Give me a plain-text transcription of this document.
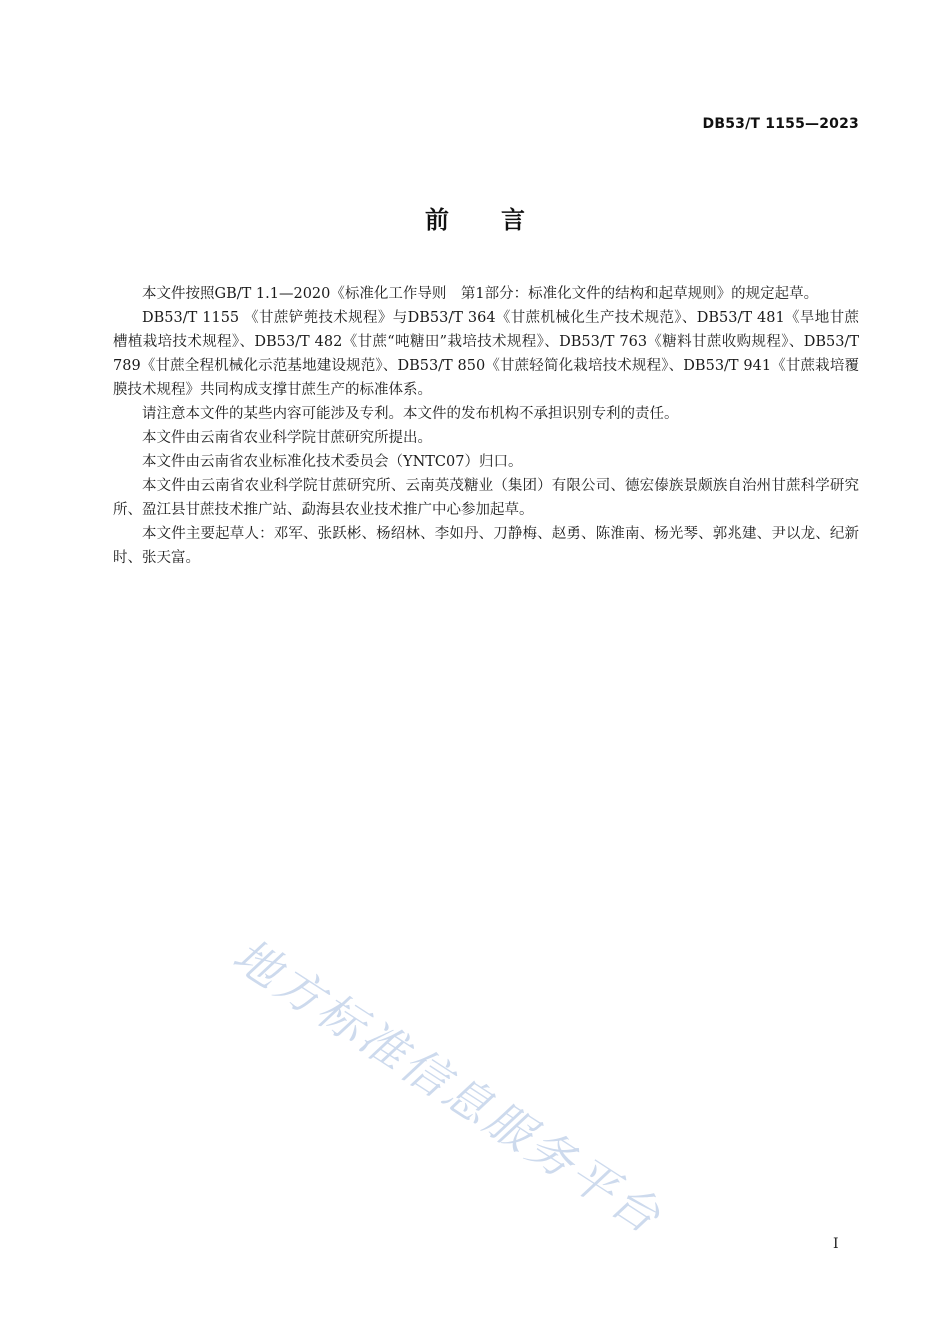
DB53/T 1155—2023
前言

本文件按照GB/T 1.1—2020《标准化工作导则　第1部分：标准化文件的结构和起草规则》的规定起草。

DB53/T 1155 《甘蔗铲蔸技术规程》与DB53/T 364《甘蔗机械化生产技术规范》、DB53/T 481《旱地甘蔗槽植栽培技术规程》、DB53/T 482《甘蔗“吨糖田”栽培技术规程》、DB53/T 763《糖料甘蔗收购规程》、DB53/T 789《甘蔗全程机械化示范基地建设规范》、DB53/T 850《甘蔗轻简化栽培技术规程》、DB53/T 941《甘蔗栽培覆膜技术规程》共同构成支撑甘蔗生产的标准体系。

请注意本文件的某些内容可能涉及专利。本文件的发布机构不承担识别专利的责任。

本文件由云南省农业科学院甘蔗研究所提出。

本文件由云南省农业标准化技术委员会（YNTC07）归口。

本文件由云南省农业科学院甘蔗研究所、云南英茂糖业（集团）有限公司、德宏傣族景颇族自治州甘蔗科学研究所、盈江县甘蔗技术推广站、勐海县农业技术推广中心参加起草。

本文件主要起草人：邓军、张跃彬、杨绍林、李如丹、刀静梅、赵勇、陈淮南、杨光琴、郭兆建、尹以龙、纪新时、张天富。

地方标准信息服务平台	I
